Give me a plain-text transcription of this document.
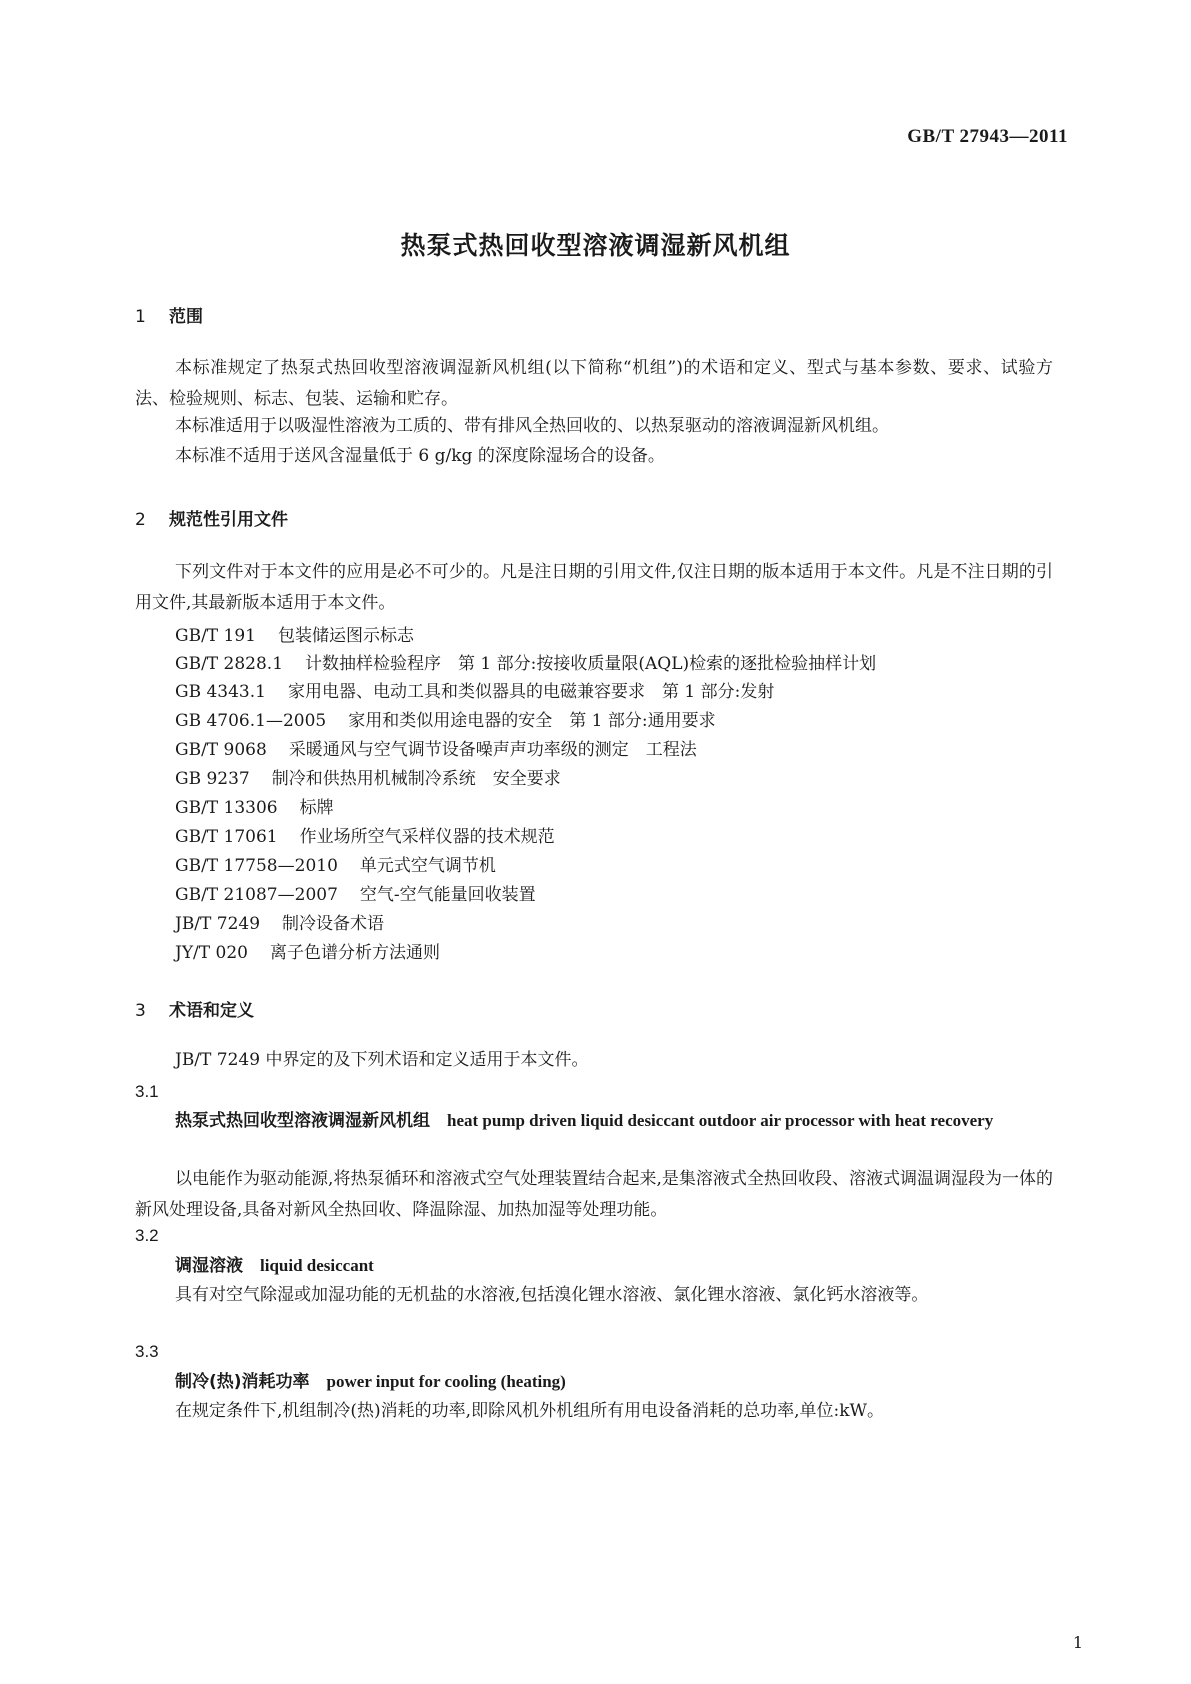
GB/T 27943—2011
热泵式热回收型溶液调湿新风机组
1 范围
本标准规定了热泵式热回收型溶液调湿新风机组(以下简称“机组”)的术语和定义、型式与基本参数、要求、试验方法、检验规则、标志、包装、运输和贮存。
本标准适用于以吸湿性溶液为工质的、带有排风全热回收的、以热泵驱动的溶液调湿新风机组。
本标准不适用于送风含湿量低于 6 g/kg 的深度除湿场合的设备。
2 规范性引用文件
下列文件对于本文件的应用是必不可少的。凡是注日期的引用文件,仅注日期的版本适用于本文件。凡是不注日期的引用文件,其最新版本适用于本文件。
GB/T 191 包装储运图示标志
GB/T 2828.1 计数抽样检验程序　第 1 部分:按接收质量限(AQL)检索的逐批检验抽样计划
GB 4343.1 家用电器、电动工具和类似器具的电磁兼容要求　第 1 部分:发射
GB 4706.1—2005 家用和类似用途电器的安全　第 1 部分:通用要求
GB/T 9068 采暖通风与空气调节设备噪声声功率级的测定　工程法
GB 9237 制冷和供热用机械制冷系统　安全要求
GB/T 13306 标牌
GB/T 17061 作业场所空气采样仪器的技术规范
GB/T 17758—2010 单元式空气调节机
GB/T 21087—2007 空气-空气能量回收装置
JB/T 7249 制冷设备术语
JY/T 020 离子色谱分析方法通则
3 术语和定义
JB/T 7249 中界定的及下列术语和定义适用于本文件。
3.1
热泵式热回收型溶液调湿新风机组　 heat pump driven liquid desiccant outdoor air processor with heat recovery
以电能作为驱动能源,将热泵循环和溶液式空气处理装置结合起来,是集溶液式全热回收段、溶液式调温调湿段为一体的新风处理设备,具备对新风全热回收、降温除湿、加热加湿等处理功能。
3.2
调湿溶液　 liquid desiccant
具有对空气除湿或加湿功能的无机盐的水溶液,包括溴化锂水溶液、氯化锂水溶液、氯化钙水溶液等。
3.3
制冷(热)消耗功率　 power input for cooling (heating)
在规定条件下,机组制冷(热)消耗的功率,即除风机外机组所有用电设备消耗的总功率,单位:kW。
1
